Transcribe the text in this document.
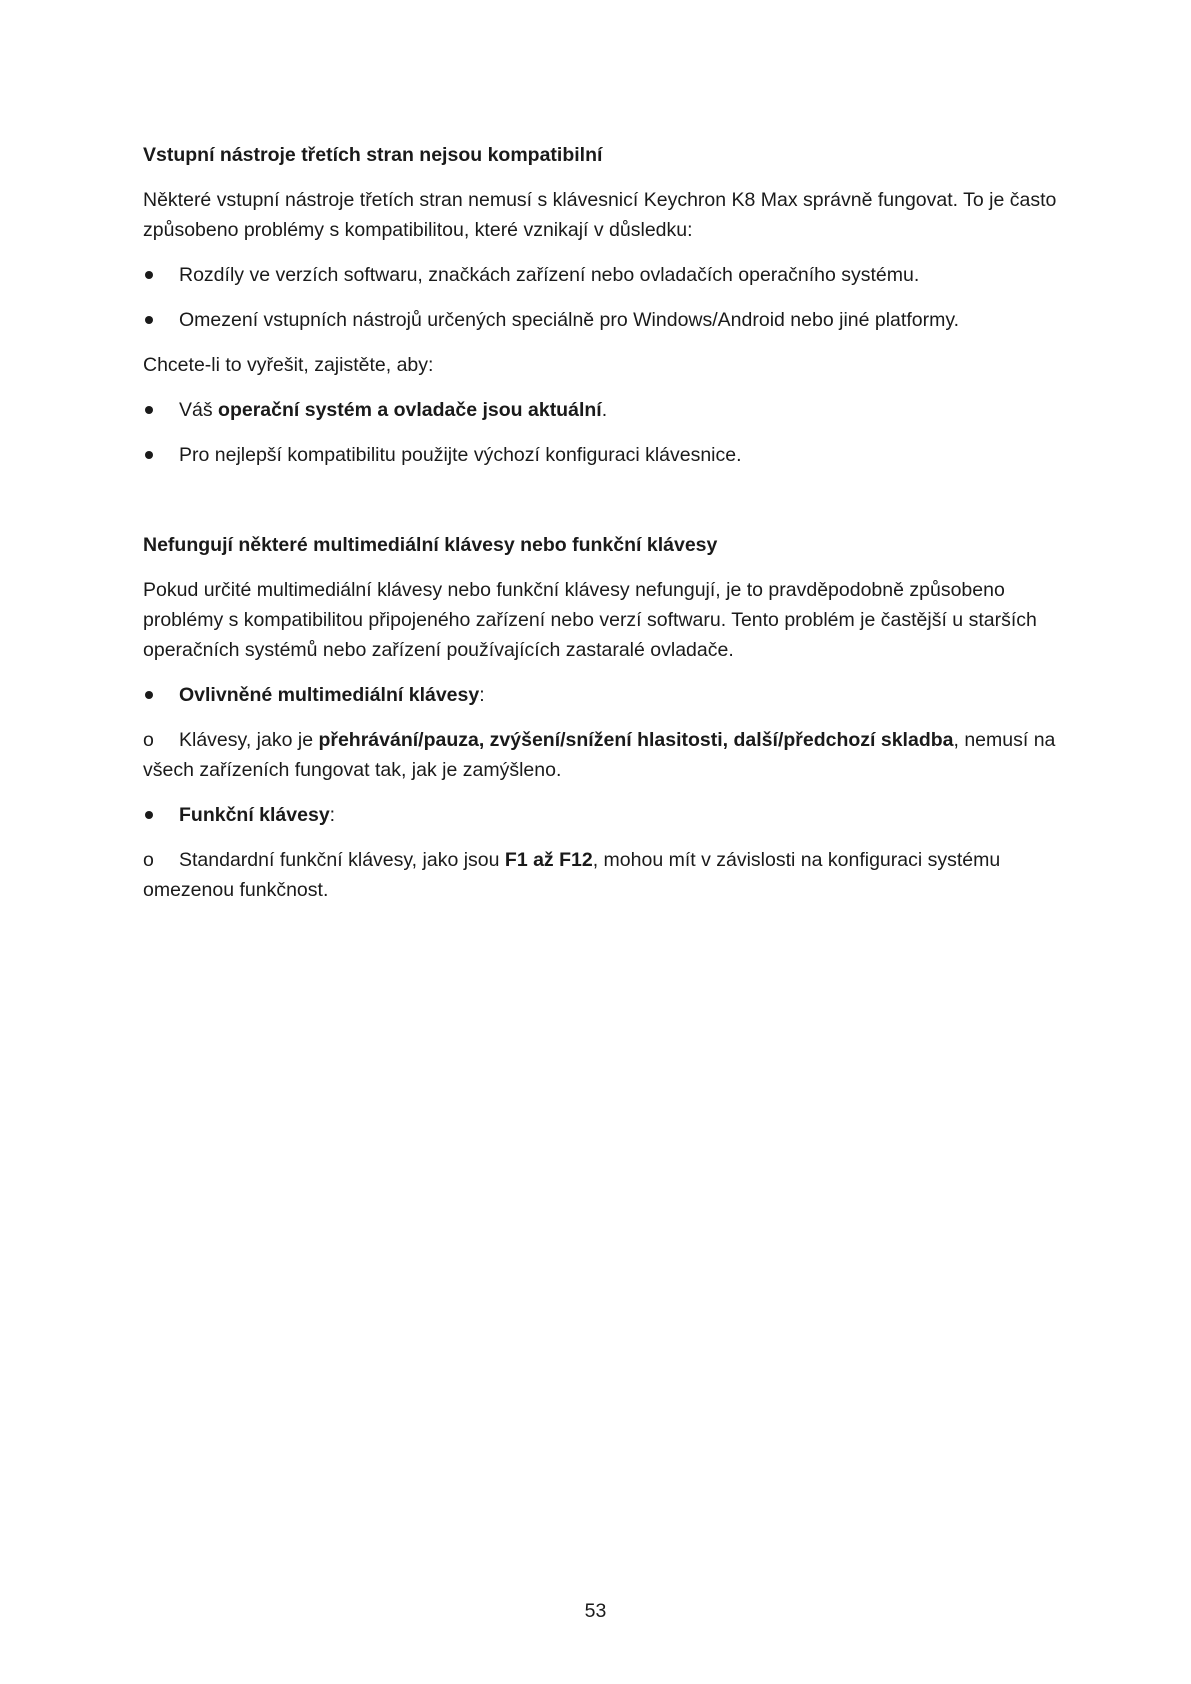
Vstupní nástroje třetích stran nejsou kompatibilní

Některé vstupní nástroje třetích stran nemusí s klávesnicí Keychron K8 Max správně fungovat. To je často způsobeno problémy s kompatibilitou, které vznikají v důsledku:

Rozdíly ve verzích softwaru, značkách zařízení nebo ovladačích operačního systému.
Omezení vstupních nástrojů určených speciálně pro Windows/Android nebo jiné platformy.

Chcete-li to vyřešit, zajistěte, aby:

Váš operační systém a ovladače jsou aktuální.
Pro nejlepší kompatibilitu použijte výchozí konfiguraci klávesnice.
Nefungují některé multimediální klávesy nebo funkční klávesy

Pokud určité multimediální klávesy nebo funkční klávesy nefungují, je to pravděpodobně způsobeno problémy s kompatibilitou připojeného zařízení nebo verzí softwaru. Tento problém je častější u starších operačních systémů nebo zařízení používajících zastaralé ovladače.

Ovlivněné multimediální klávesy:

o Klávesy, jako je přehrávání/pauza, zvýšení/snížení hlasitosti, další/předchozí skladba, nemusí na všech zařízeních fungovat tak, jak je zamýšleno.

Funkční klávesy:

o Standardní funkční klávesy, jako jsou F1 až F12, mohou mít v závislosti na konfiguraci systému omezenou funkčnost.

53
